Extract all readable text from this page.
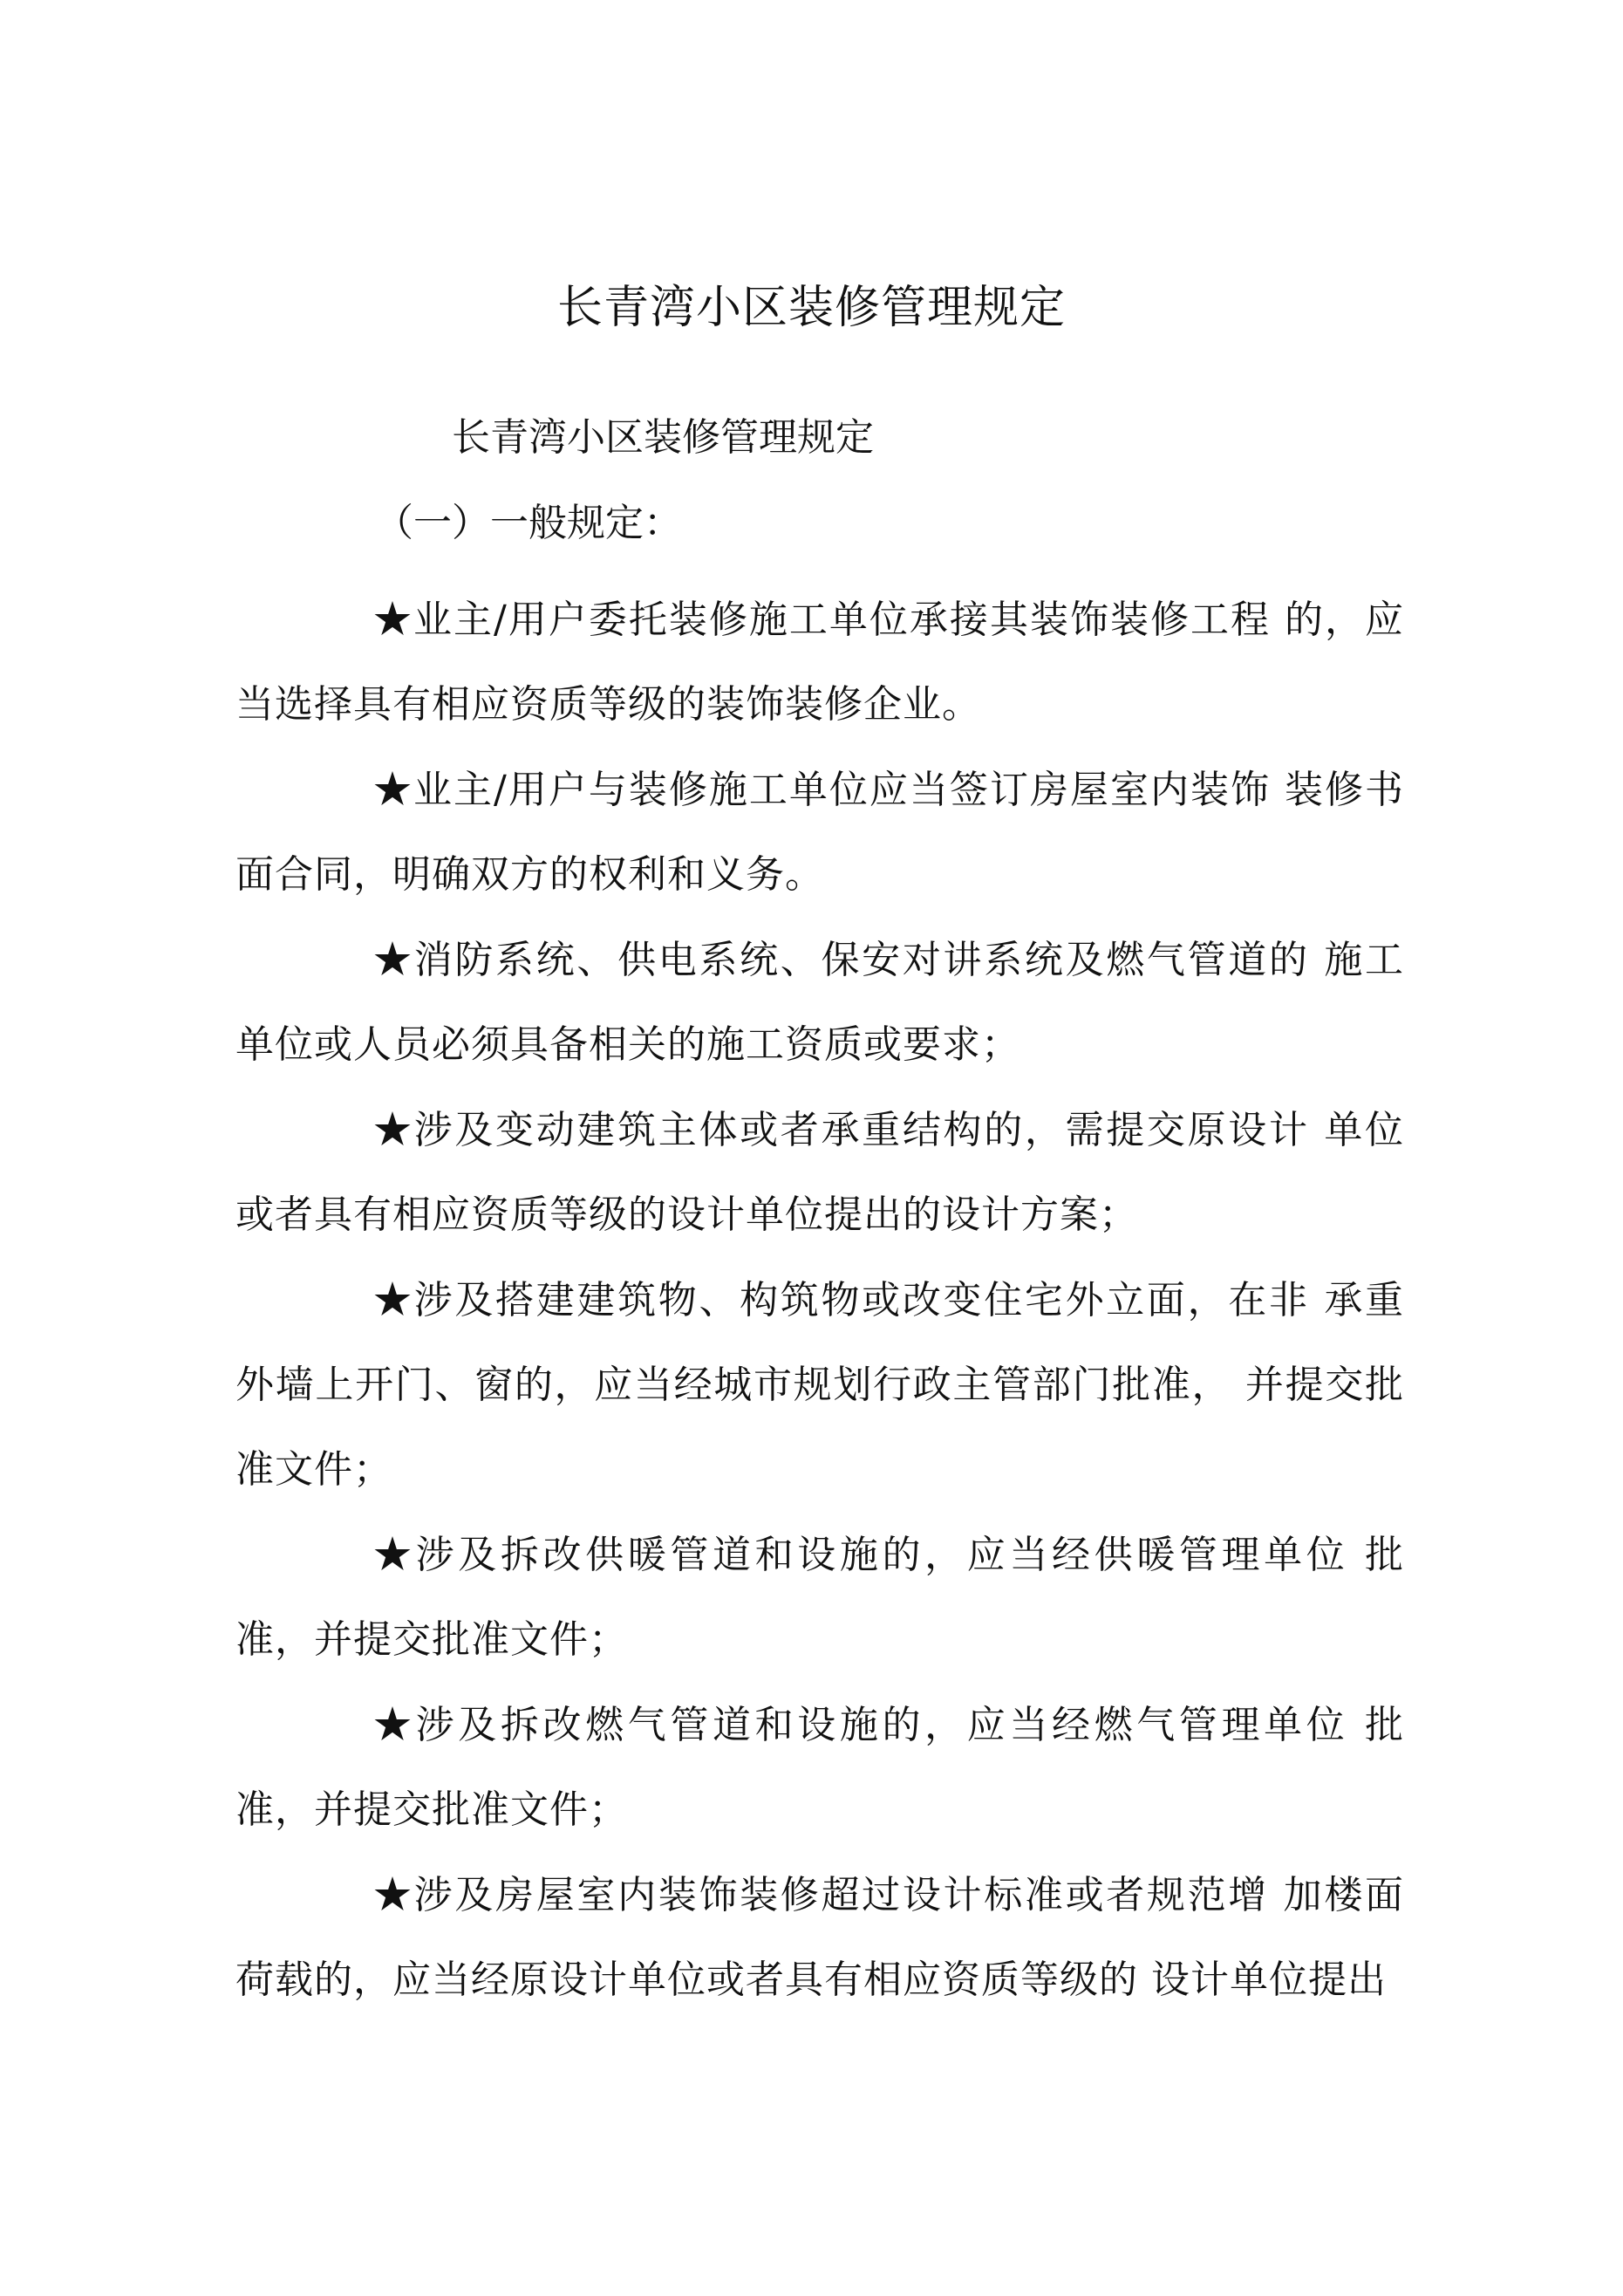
长青湾小区装修管理规定

长青湾小区装修管理规定

（一）一般规定：

★业主/用户委托装修施工单位承接其装饰装修工程 的，应当选择具有相应资质等级的装饰装修企业。

★业主/用户与装修施工单位应当签订房屋室内装饰 装修书面合同，明确双方的权利和义务。

★消防系统、供电系统、保安对讲系统及燃气管道的 施工单位或人员必须具备相关的施工资质或要求；

★涉及变动建筑主体或者承重结构的，需提交原设计 单位或者具有相应资质等级的设计单位提出的设计方案；

★涉及搭建建筑物、构筑物或改变住宅外立面，在非 承重外墙上开门、窗的，应当经城市规划行政主管部门批准， 并提交批准文件；

★涉及拆改供暖管道和设施的，应当经供暖管理单位 批准，并提交批准文件；

★涉及拆改燃气管道和设施的，应当经燃气管理单位 批准，并提交批准文件；

★涉及房屋室内装饰装修超过设计标准或者规范增 加楼面荷载的，应当经原设计单位或者具有相应资质等级的 设计单位提出
